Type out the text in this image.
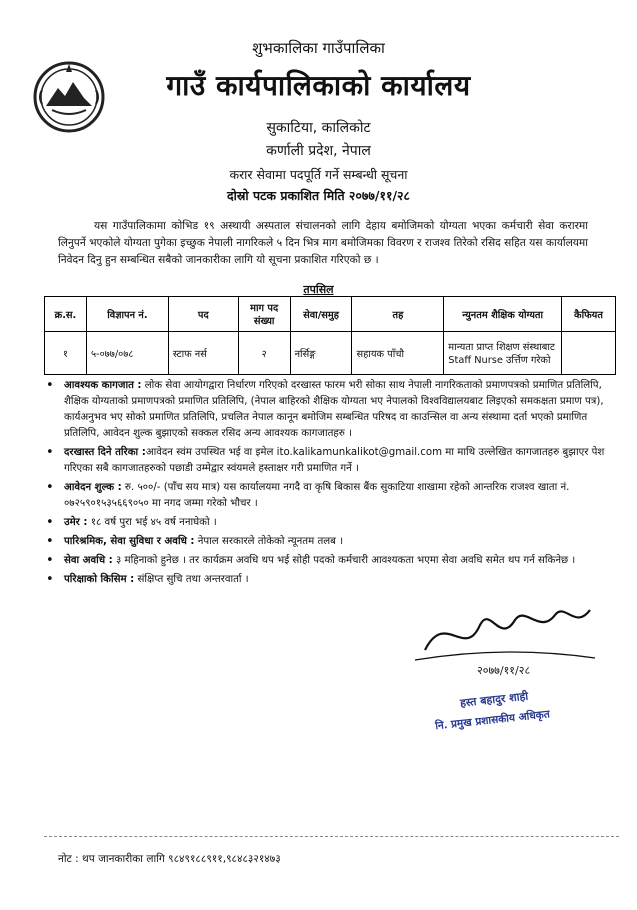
शुभकालिका गाउँपालिका
गाउँ कार्यपालिकाको कार्यालय
सुकाटिया, कालिकोट
कर्णाली प्रदेश, नेपाल
करार सेवामा पदपूर्ति गर्ने सम्बन्धी सूचना
दोस्रो पटक प्रकाशित मिति २०७७/११/२८

यस गाउँपालिकामा कोभिड १९ अस्थायी अस्पताल संचालनको लागि देहाय बमोजिमको योग्यता भएका कर्मचारी सेवा करारमा लिनुपर्ने भएकोले योग्यता पुगेका इच्छुक नेपाली नागरिकले ५ दिन भित्र माग बमोजिमका विवरण र राजश्व तिरेको रसिद सहित यस कार्यालयमा निवेदन दिनु हुन सम्बन्धित सबैको जानकारीका लागि यो सूचना प्रकाशित गरिएको छ ।

तपसिल
क्र.स.	विज्ञापन नं.	पद	माग पद संख्या	सेवा/समुह	तह	न्युनतम शैक्षिक योग्यता	कैफियत
१	५-०७७/०७८	स्टाफ नर्स	२	नर्सिङ्ग	सहायक पाँचौ	मान्यता प्राप्त शिक्षण संस्थाबाट
Staff Nurse उर्त्तिण गरेको	

• आवश्यक कागजात : लोक सेवा आयोगद्वारा निर्धारण गरिएको दरखास्त फारम भरी सोका साथ नेपाली नागरिकताको प्रमाणपत्रको प्रमाणित प्रतिलिपि, शैक्षिक योग्यताको प्रमाणपत्रको प्रमाणित प्रतिलिपि, (नेपाल बाहिरको शैक्षिक योग्यता भए नेपालको विश्वविद्यालयबाट लिइएको समकक्षता प्रमाण पत्र), कार्यअनुभव भए सोको प्रमाणित प्रतिलिपि, प्रचलित नेपाल कानून बमोजिम सम्बन्धित परिषद वा काउन्सिल वा अन्य संस्थामा दर्ता भएको प्रमाणित प्रतिलिपि, आवेदन शुल्क बुझाएको सक्कल रसिद अन्य आवश्यक कागजातहरु ।
• दरखास्त दिने तरिका :आवेदन स्वंम उपस्थित भई वा इमेल ito.kalikamunkalikot@gmail.com मा माथि उल्लेखित कागजातहरु बुझाएर पेश गरिएका सबै कागजातहरुको पछाडी उम्मेद्वार स्वंयमले हस्ताक्षर गरी प्रमाणित गर्ने ।
• आवेदन शुल्क : रु. ५००/- (पाँच सय मात्र) यस कार्यालयमा नगदै वा कृषि बिकास बैंक सुकाटिया शाखामा रहेको आन्तरिक राजश्व खाता नं. ०७२५९०१५३५६६९०५० मा नगद जम्मा गरेको भौचर ।
• उमेर : १८ वर्ष पुरा भई ४५ वर्ष ननाघेको ।
• पारिश्रमिक, सेवा सुविधा र अवधि : नेपाल सरकारले तोकेको न्यूनतम तलब ।
• सेवा अवधि : ३ महिनाको हुनेछ । तर कार्यक्रम अवधि थप भई सोही पदको कर्मचारी आवश्यकता भएमा सेवा अवधि समेत थप गर्न सकिनेछ ।
• परिक्षाको किसिम : संक्षिप्त सुचि तथा अन्तरवार्ता ।
२०७७/११/२८
हस्त बहादुर शाही
नि. प्रमुख प्रशासकीय अधिकृत
नोट : थप जानकारीका लागि ९८४९१८८९११,९८४८३२१४७३
